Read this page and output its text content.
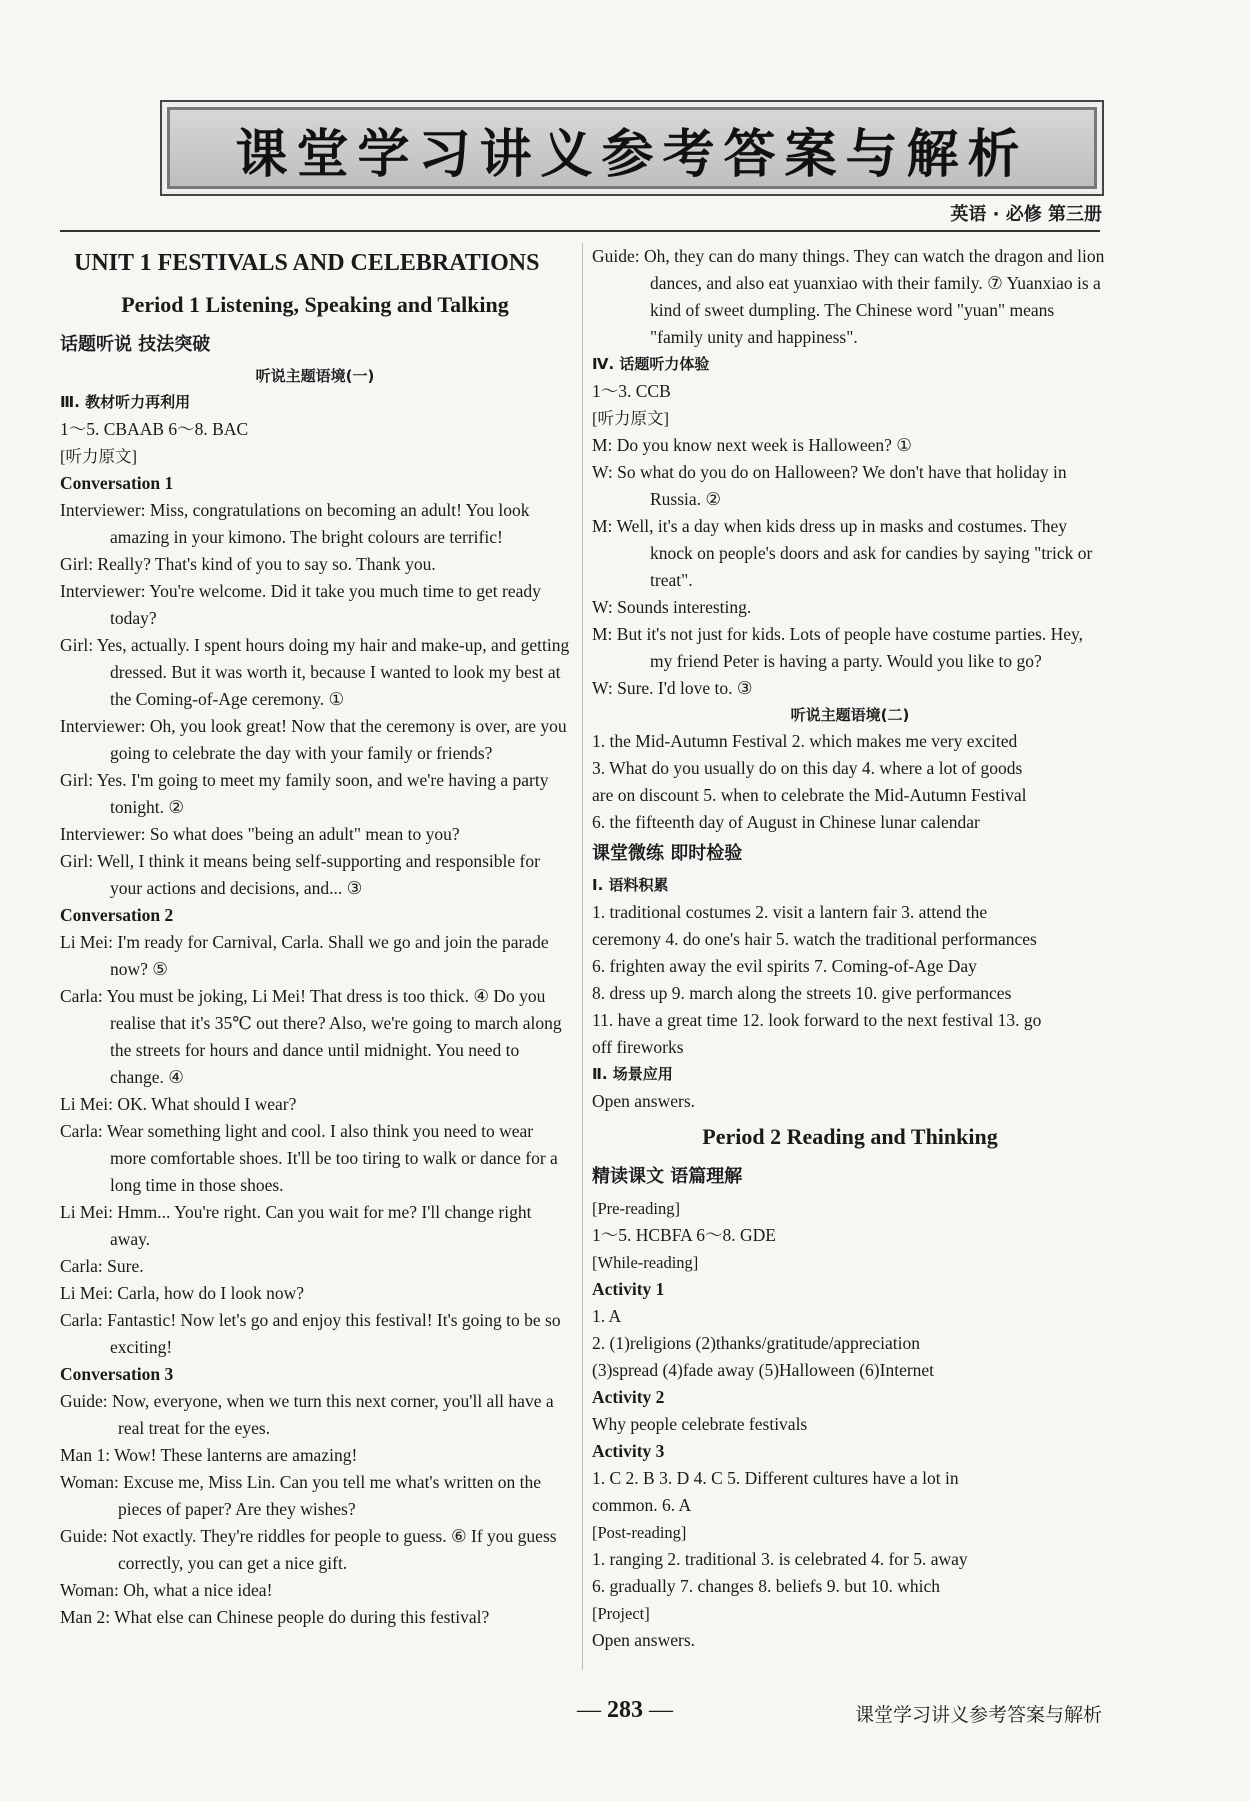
课堂学习讲义参考答案与解析
英语 · 必修 第三册
UNIT 1 FESTIVALS AND CELEBRATIONS
Period 1 Listening, Speaking and Talking
话题听说 技法突破
听说主题语境(一)
Ⅲ. 教材听力再利用

1～5. CBAAB 6～8. BAC

[听力原文]

Conversation 1

Interviewer: Miss, congratulations on becoming an adult! You look amazing in your kimono. The bright colours are terrific!

Girl: Really? That's kind of you to say so. Thank you.

Interviewer: You're welcome. Did it take you much time to get ready today?

Girl: Yes, actually. I spent hours doing my hair and make-up, and getting dressed. But it was worth it, because I wanted to look my best at the Coming-of-Age ceremony. ①

Interviewer: Oh, you look great! Now that the ceremony is over, are you going to celebrate the day with your family or friends?

Girl: Yes. I'm going to meet my family soon, and we're having a party tonight. ②

Interviewer: So what does "being an adult" mean to you?

Girl: Well, I think it means being self-supporting and responsible for your actions and decisions, and... ③

Conversation 2

Li Mei: I'm ready for Carnival, Carla. Shall we go and join the parade now? ⑤

Carla: You must be joking, Li Mei! That dress is too thick. ④ Do you realise that it's 35℃ out there? Also, we're going to march along the streets for hours and dance until midnight. You need to change. ④

Li Mei: OK. What should I wear?

Carla: Wear something light and cool. I also think you need to wear more comfortable shoes. It'll be too tiring to walk or dance for a long time in those shoes.

Li Mei: Hmm... You're right. Can you wait for me? I'll change right away.

Carla: Sure.

Li Mei: Carla, how do I look now?

Carla: Fantastic! Now let's go and enjoy this festival! It's going to be so exciting!

Conversation 3

Guide: Now, everyone, when we turn this next corner, you'll all have a real treat for the eyes.

Man 1: Wow! These lanterns are amazing!

Woman: Excuse me, Miss Lin. Can you tell me what's written on the pieces of paper? Are they wishes?

Guide: Not exactly. They're riddles for people to guess. ⑥ If you guess correctly, you can get a nice gift.

Woman: Oh, what a nice idea!

Man 2: What else can Chinese people do during this festival?

Guide: Oh, they can do many things. They can watch the dragon and lion dances, and also eat yuanxiao with their family. ⑦ Yuanxiao is a kind of sweet dumpling. The Chinese word "yuan" means "family unity and happiness".

Ⅳ. 话题听力体验

1～3. CCB

[听力原文]

M: Do you know next week is Halloween? ①

W: So what do you do on Halloween? We don't have that holiday in Russia. ②

M: Well, it's a day when kids dress up in masks and costumes. They knock on people's doors and ask for candies by saying "trick or treat".

W: Sounds interesting.

M: But it's not just for kids. Lots of people have costume parties. Hey, my friend Peter is having a party. Would you like to go?

W: Sure. I'd love to. ③

听说主题语境(二)

1. the Mid-Autumn Festival 2. which makes me very excited

3. What do you usually do on this day 4. where a lot of goods

are on discount 5. when to celebrate the Mid-Autumn Festival

6. the fifteenth day of August in Chinese lunar calendar

课堂微练 即时检验
Ⅰ. 语料积累

1. traditional costumes 2. visit a lantern fair 3. attend the

ceremony 4. do one's hair 5. watch the traditional performances

6. frighten away the evil spirits 7. Coming-of-Age Day

8. dress up 9. march along the streets 10. give performances

11. have a great time 12. look forward to the next festival 13. go

off fireworks

Ⅱ. 场景应用

Open answers.

Period 2 Reading and Thinking
精读课文 语篇理解

[Pre-reading]

1～5. HCBFA 6～8. GDE

[While-reading]

Activity 1

1. A

2. (1)religions (2)thanks/gratitude/appreciation

(3)spread (4)fade away (5)Halloween (6)Internet

Activity 2

Why people celebrate festivals

Activity 3

1. C 2. B 3. D 4. C 5. Different cultures have a lot in

common. 6. A

[Post-reading]

1. ranging 2. traditional 3. is celebrated 4. for 5. away

6. gradually 7. changes 8. beliefs 9. but 10. which

[Project]

Open answers.

— 283 —	课堂学习讲义参考答案与解析
